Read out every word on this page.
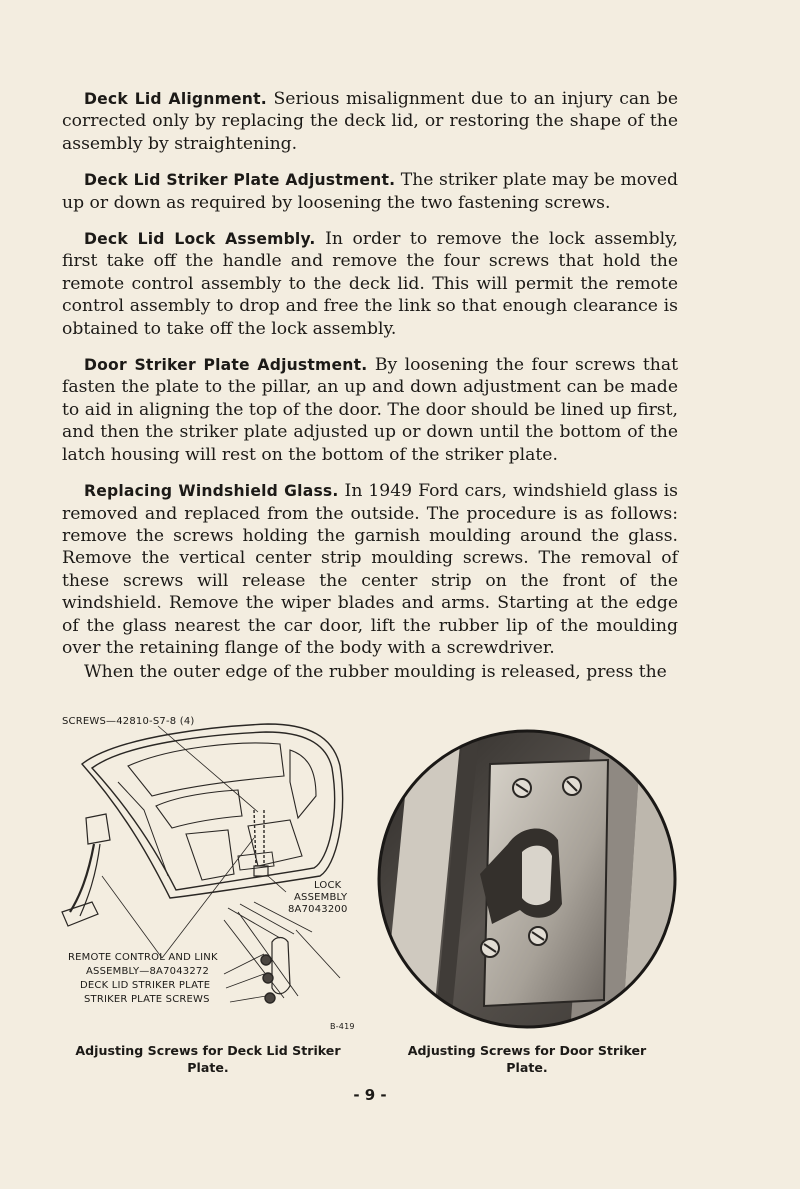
Deck Lid Alignment. Serious misalignment due to an injury can be corrected only by replacing the deck lid, or restoring the shape of the assembly by straightening.

Deck Lid Striker Plate Adjustment. The striker plate may be moved up or down as required by loosening the two fastening screws.

Deck Lid Lock Assembly. In order to remove the lock assembly, first take off the handle and remove the four screws that hold the remote control assembly to the deck lid. This will permit the remote control assembly to drop and free the link so that enough clearance is obtained to take off the lock assembly.

Door Striker Plate Adjustment. By loosening the four screws that fasten the plate to the pillar, an up and down adjustment can be made to aid in aligning the top of the door. The door should be lined up first, and then the striker plate adjusted up or down until the bottom of the latch housing will rest on the bottom of the striker plate.

Replacing Windshield Glass. In 1949 Ford cars, windshield glass is removed and replaced from the outside. The procedure is as follows: remove the screws holding the garnish moulding around the glass. Remove the vertical center strip moulding screws. The removal of these screws will release the center strip on the front of the windshield. Remove the wiper blades and arms. Starting at the edge of the glass nearest the car door, lift the rubber lip of the moulding over the retaining flange of the body with a screwdriver.

When the outer edge of the rubber moulding is released, press the

SCREWS—42810-S7-8 (4)
LOCK
ASSEMBLY
8A7043200
REMOTE CONTROL AND LINK
ASSEMBLY—8A7043272
DECK LID STRIKER PLATE
STRIKER PLATE SCREWS
B-419
Adjusting Screws for Deck Lid Striker Plate.
Adjusting Screws for Door Striker Plate.
- 9 -
